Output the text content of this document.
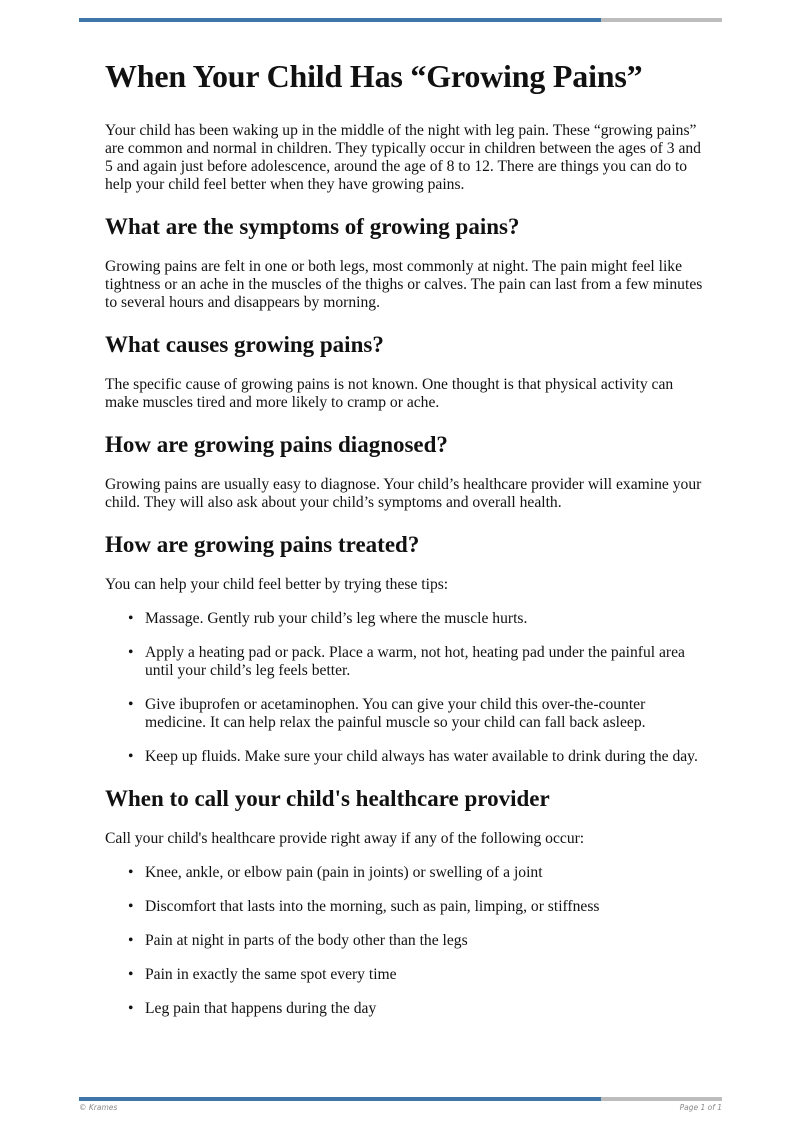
When Your Child Has “Growing Pains”

Your child has been waking up in the middle of the night with leg pain. These “growing pains” are common and normal in children. They typically occur in children between the ages of 3 and 5 and again just before adolescence, around the age of 8 to 12. There are things you can do to help your child feel better when they have growing pains.

What are the symptoms of growing pains?

Growing pains are felt in one or both legs, most commonly at night. The pain might feel like tightness or an ache in the muscles of the thighs or calves. The pain can last from a few minutes to several hours and disappears by morning.

What causes growing pains?

The specific cause of growing pains is not known. One thought is that physical activity can make muscles tired and more likely to cramp or ache.

How are growing pains diagnosed?

Growing pains are usually easy to diagnose. Your child’s healthcare provider will examine your child. They will also ask about your child’s symptoms and overall health.

How are growing pains treated?

You can help your child feel better by trying these tips:

• Massage. Gently rub your child’s leg where the muscle hurts.
• Apply a heating pad or pack. Place a warm, not hot, heating pad under the painful area until your child’s leg feels better.
• Give ibuprofen or acetaminophen. You can give your child this over-the-counter medicine. It can help relax the painful muscle so your child can fall back asleep.
• Keep up fluids. Make sure your child always has water available to drink during the day.
When to call your child's healthcare provider

Call your child's healthcare provide right away if any of the following occur:

• Knee, ankle, or elbow pain (pain in joints) or swelling of a joint
• Discomfort that lasts into the morning, such as pain, limping, or stiffness
• Pain at night in parts of the body other than the legs
• Pain in exactly the same spot every time
• Leg pain that happens during the day
© Krames	Page 1 of 1
